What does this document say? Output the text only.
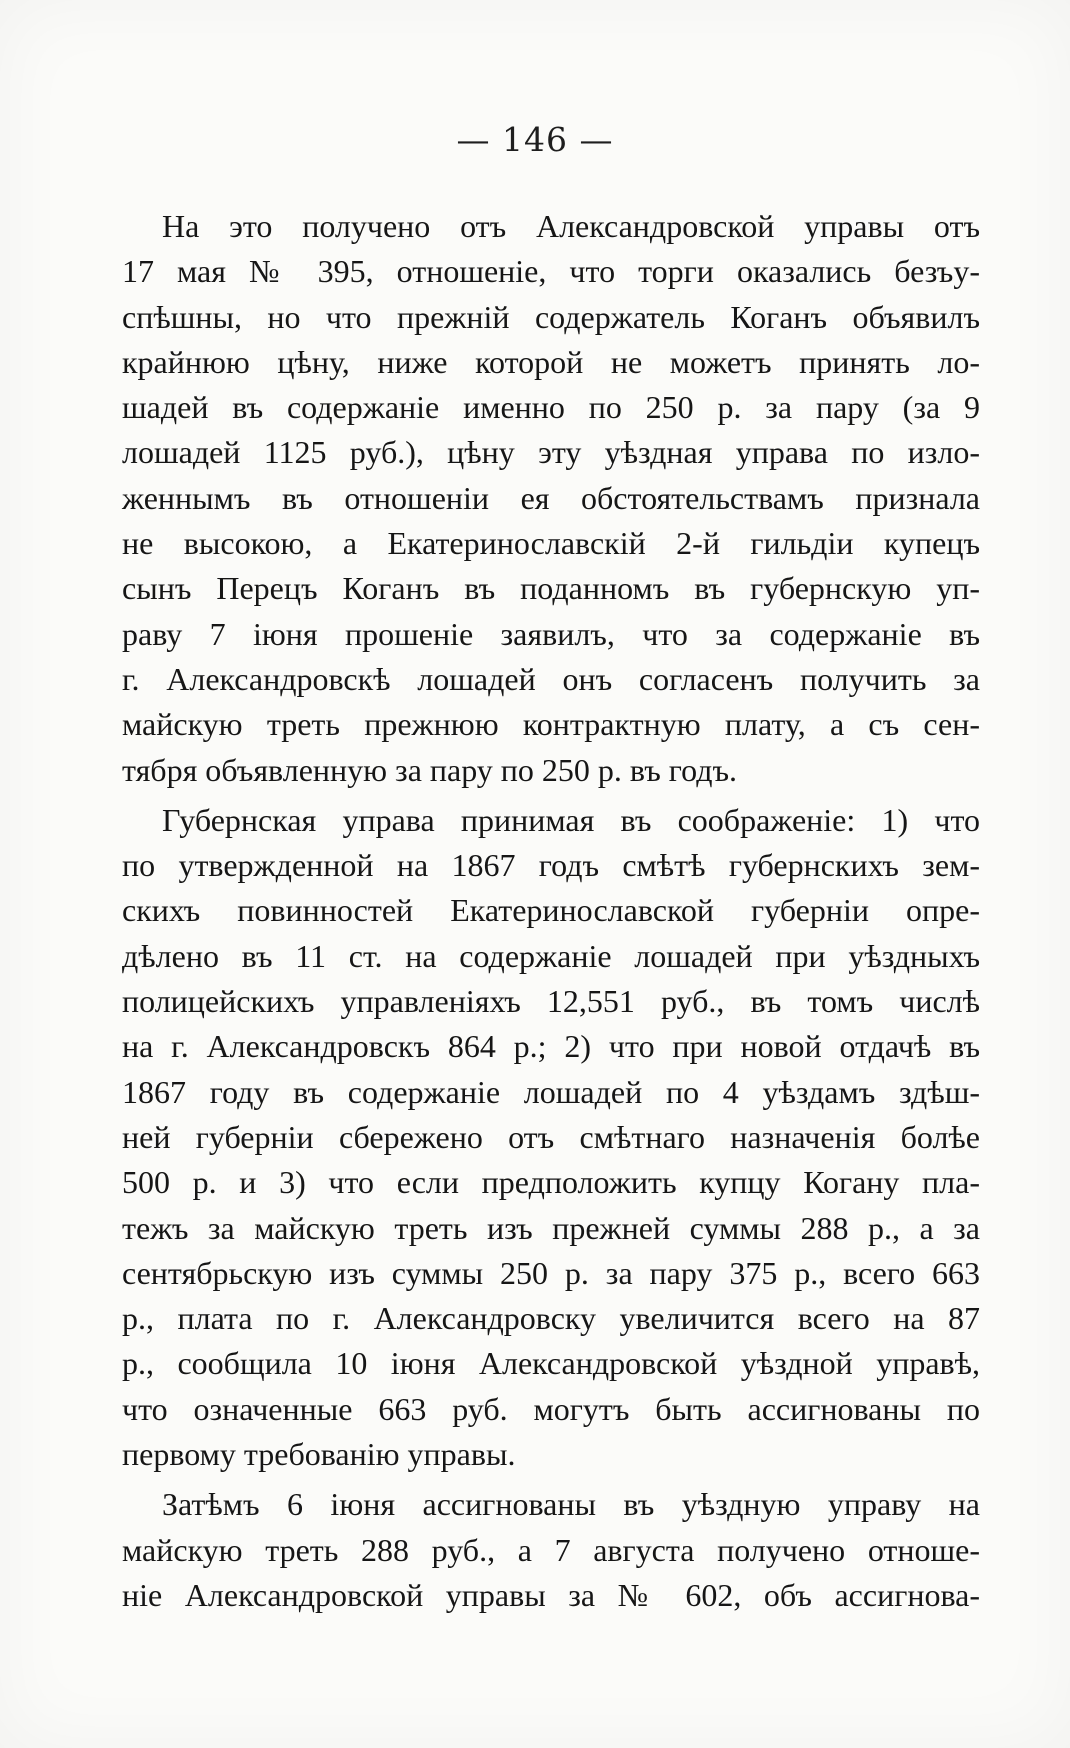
— 146 —
На это получено отъ Александровской управы отъ
17 мая № 395, отношеніе, что торги оказались безъу-
спѣшны, но что прежній содержатель Коганъ объявилъ
крайнюю цѣну, ниже которой не можетъ принять ло-
шадей въ содержаніе именно по 250 р. за пару (за 9
лошадей 1125 руб.), цѣну эту уѣздная управа по изло-
женнымъ въ отношеніи ея обстоятельствамъ признала
не высокою, а Екатеринославскій 2-й гильдіи купецъ
сынъ Перецъ Коганъ въ поданномъ въ губернскую уп-
раву 7 іюня прошеніе заявилъ, что за содержаніе въ
г. Александровскѣ лошадей онъ согласенъ получить за
майскую треть прежнюю контрактную плату, а съ сен-
тября объявленную за пару по 250 р. въ годъ.
Губернская управа принимая въ соображеніе: 1) что
по утвержденной на 1867 годъ смѣтѣ губернскихъ зем-
скихъ повинностей Екатеринославской губерніи опре-
дѣлено въ 11 ст. на содержаніе лошадей при уѣздныхъ
полицейскихъ управленіяхъ 12,551 руб., въ томъ числѣ
на г. Александровскъ 864 р.; 2) что при новой отдачѣ въ
1867 году въ содержаніе лошадей по 4 уѣздамъ здѣш-
ней губерніи сбережено отъ смѣтнаго назначенія болѣе
500 р. и 3) что если предположить купцу Когану пла-
тежъ за майскую треть изъ прежней суммы 288 р., а за
сентябрьскую изъ суммы 250 р. за пару 375 р., всего 663
р., плата по г. Александровску увеличится всего на 87
р., сообщила 10 іюня Александровской уѣздной управѣ,
что означенные 663 руб. могутъ быть ассигнованы по
первому требованію управы.
Затѣмъ 6 іюня ассигнованы въ уѣздную управу на
майскую треть 288 руб., а 7 августа получено отноше-
ніе Александровской управы за № 602, объ ассигнова-
